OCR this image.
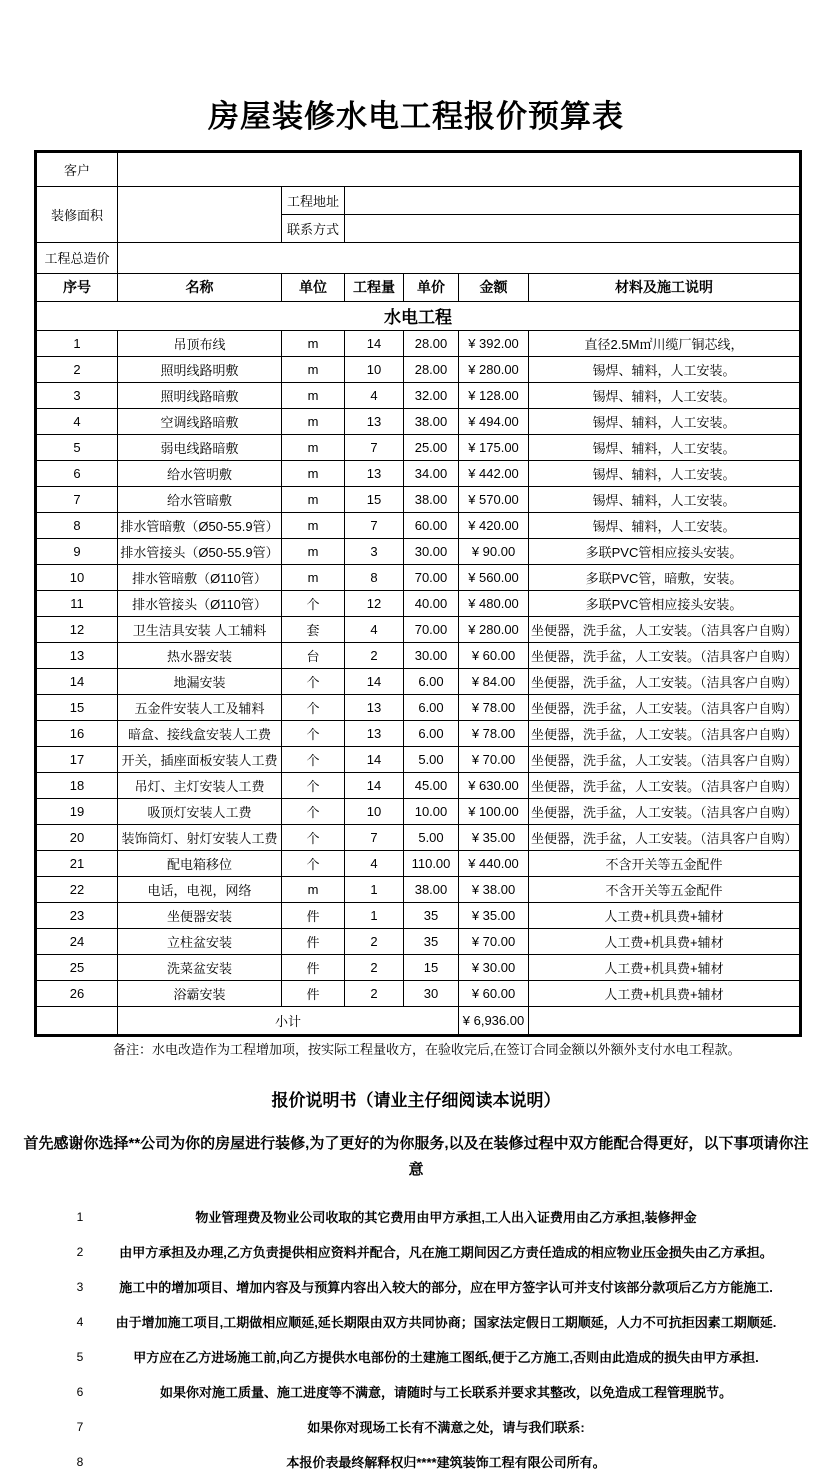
房屋装修水电工程报价预算表
客户						
装修面积		工程地址				
		联系方式				
工程总造价						
序号	名称	单位	工程量	单价	金额	材料及施工说明
水电工程						
1	吊顶布线	m	14	28.00	¥ 392.00	直径2.5M㎡川缆厂铜芯线，
2	照明线路明敷	m	10	28.00	¥ 280.00	锡焊、辅料，人工安装。
3	照明线路暗敷	m	4	32.00	¥ 128.00	锡焊、辅料，人工安装。
4	空调线路暗敷	m	13	38.00	¥ 494.00	锡焊、辅料，人工安装。
5	弱电线路暗敷	m	7	25.00	¥ 175.00	锡焊、辅料，人工安装。
6	给水管明敷	m	13	34.00	¥ 442.00	锡焊、辅料，人工安装。
7	给水管暗敷	m	15	38.00	¥ 570.00	锡焊、辅料，人工安装。
8	排水管暗敷（Ø50-55.9管）	m	7	60.00	¥ 420.00	锡焊、辅料，人工安装。
9	排水管接头（Ø50-55.9管）	m	3	30.00	¥ 90.00	多联PVC管相应接头安装。
10	排水管暗敷（Ø110管）	m	8	70.00	¥ 560.00	多联PVC管，暗敷，安装。
11	排水管接头（Ø110管）	个	12	40.00	¥ 480.00	多联PVC管相应接头安装。
12	卫生洁具安装 人工辅料	套	4	70.00	¥ 280.00	坐便器，洗手盆，人工安装。（洁具客户自购）
13	热水器安装	台	2	30.00	¥ 60.00	坐便器，洗手盆，人工安装。（洁具客户自购）
14	地漏安装	个	14	6.00	¥ 84.00	坐便器，洗手盆，人工安装。（洁具客户自购）
15	五金件安装人工及辅料	个	13	6.00	¥ 78.00	坐便器，洗手盆，人工安装。（洁具客户自购）
16	暗盒、接线盒安装人工费	个	13	6.00	¥ 78.00	坐便器，洗手盆，人工安装。（洁具客户自购）
17	开关，插座面板安装人工费	个	14	5.00	¥ 70.00	坐便器，洗手盆，人工安装。（洁具客户自购）
18	吊灯、主灯安装人工费	个	14	45.00	¥ 630.00	坐便器，洗手盆，人工安装。（洁具客户自购）
19	吸顶灯安装人工费	个	10	10.00	¥ 100.00	坐便器，洗手盆，人工安装。（洁具客户自购）
20	装饰筒灯、射灯安装人工费	个	7	5.00	¥ 35.00	坐便器，洗手盆，人工安装。（洁具客户自购）
21	配电箱移位	个	4	110.00	¥ 440.00	不含开关等五金配件
22	电话，电视，网络	m	1	38.00	¥ 38.00	不含开关等五金配件
23	坐便器安装	件	1	35	¥ 35.00	人工费+机具费+辅材
24	立柱盆安装	件	2	35	¥ 70.00	人工费+机具费+辅材
25	洗菜盆安装	件	2	15	¥ 30.00	人工费+机具费+辅材
26	浴霸安装	件	2	30	¥ 60.00	人工费+机具费+辅材
	小计				¥ 6,936.00	
备注：水电改造作为工程增加项，按实际工程量收方，在验收完后,在签订合同金额以外额外支付水电工程款。
报价说明书（请业主仔细阅读本说明）
首先感谢你选择**公司为你的房屋进行装修,为了更好的为你服务,以及在装修过程中双方能配合得更好，以下事项请你注意
1	物业管理费及物业公司收取的其它费用由甲方承担,工人出入证费用由乙方承担,装修押金
2	由甲方承担及办理,乙方负责提供相应资料并配合，凡在施工期间因乙方责任造成的相应物业压金损失由乙方承担。
3	施工中的增加项目、增加内容及与预算内容出入较大的部分，应在甲方签字认可并支付该部分款项后乙方方能施工.
4	由于增加施工项目,工期做相应顺延,延长期限由双方共同协商；国家法定假日工期顺延，人力不可抗拒因素工期顺延.
5	甲方应在乙方进场施工前,向乙方提供水电部份的土建施工图纸,便于乙方施工,否则由此造成的损失由甲方承担.
6	如果你对施工质量、施工进度等不满意，请随时与工长联系并要求其整改，以免造成工程管理脱节。
7	如果你对现场工长有不满意之处，请与我们联系:
8	本报价表最终解释权归****建筑装饰工程有限公司所有。
